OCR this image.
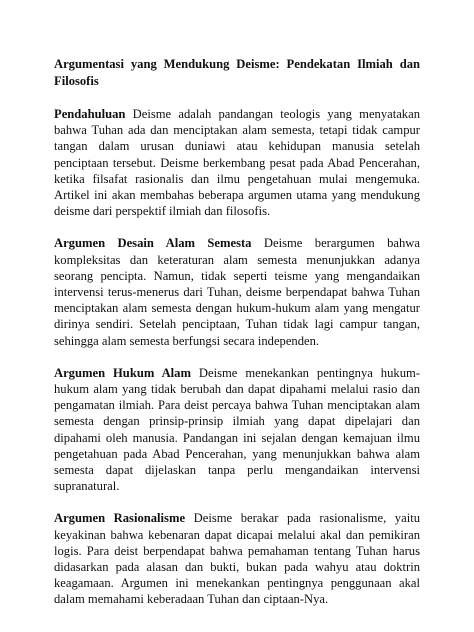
Argumentasi yang Mendukung Deisme: Pendekatan Ilmiah dan Filosofis

Pendahuluan Deisme adalah pandangan teologis yang menyatakan bahwa Tuhan ada dan menciptakan alam semesta, tetapi tidak campur tangan dalam urusan duniawi atau kehidupan manusia setelah penciptaan tersebut. Deisme berkembang pesat pada Abad Pencerahan, ketika filsafat rasionalis dan ilmu pengetahuan mulai mengemuka. Artikel ini akan membahas beberapa argumen utama yang mendukung deisme dari perspektif ilmiah dan filosofis.

Argumen Desain Alam Semesta Deisme berargumen bahwa kompleksitas dan keteraturan alam semesta menunjukkan adanya seorang pencipta. Namun, tidak seperti teisme yang mengandaikan intervensi terus-menerus dari Tuhan, deisme berpendapat bahwa Tuhan menciptakan alam semesta dengan hukum-hukum alam yang mengatur dirinya sendiri. Setelah penciptaan, Tuhan tidak lagi campur tangan, sehingga alam semesta berfungsi secara independen.

Argumen Hukum Alam Deisme menekankan pentingnya hukum-hukum alam yang tidak berubah dan dapat dipahami melalui rasio dan pengamatan ilmiah. Para deist percaya bahwa Tuhan menciptakan alam semesta dengan prinsip-prinsip ilmiah yang dapat dipelajari dan dipahami oleh manusia. Pandangan ini sejalan dengan kemajuan ilmu pengetahuan pada Abad Pencerahan, yang menunjukkan bahwa alam semesta dapat dijelaskan tanpa perlu mengandaikan intervensi supranatural.

Argumen Rasionalisme Deisme berakar pada rasionalisme, yaitu keyakinan bahwa kebenaran dapat dicapai melalui akal dan pemikiran logis. Para deist berpendapat bahwa pemahaman tentang Tuhan harus didasarkan pada alasan dan bukti, bukan pada wahyu atau doktrin keagamaan. Argumen ini menekankan pentingnya penggunaan akal dalam memahami keberadaan Tuhan dan ciptaan-Nya.
